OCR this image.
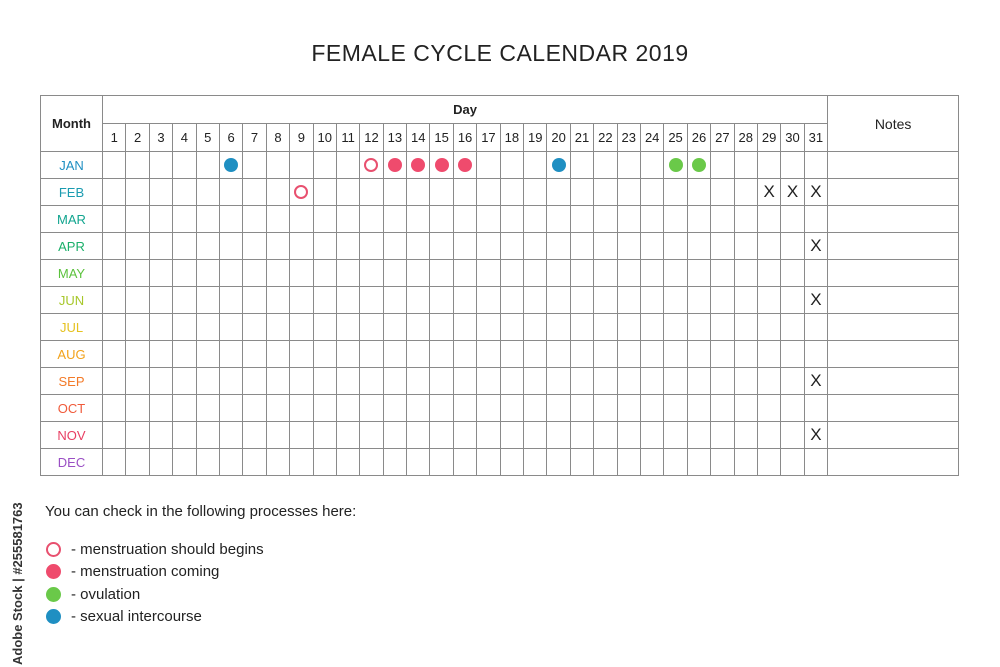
FEMALE CYCLE CALENDAR 2019
Adobe Stock | #255581763
Month	Day																															Notes
	1	2	3	4	5	6	7	8	9	10	11	12	13	14	15	16	17	18	19	20	21	22	23	24	25	26	27	28	29	30	31	
JAN																																
FEB																													X	X	X	
MAR																																
APR																															X	
MAY																																
JUN																															X	
JUL																																
AUG																																
SEP																															X	
OCT																																
NOV																															X	
DEC																																
You can check in the following processes here:
- menstruation should begins
- menstruation coming
- ovulation
- sexual intercourse
